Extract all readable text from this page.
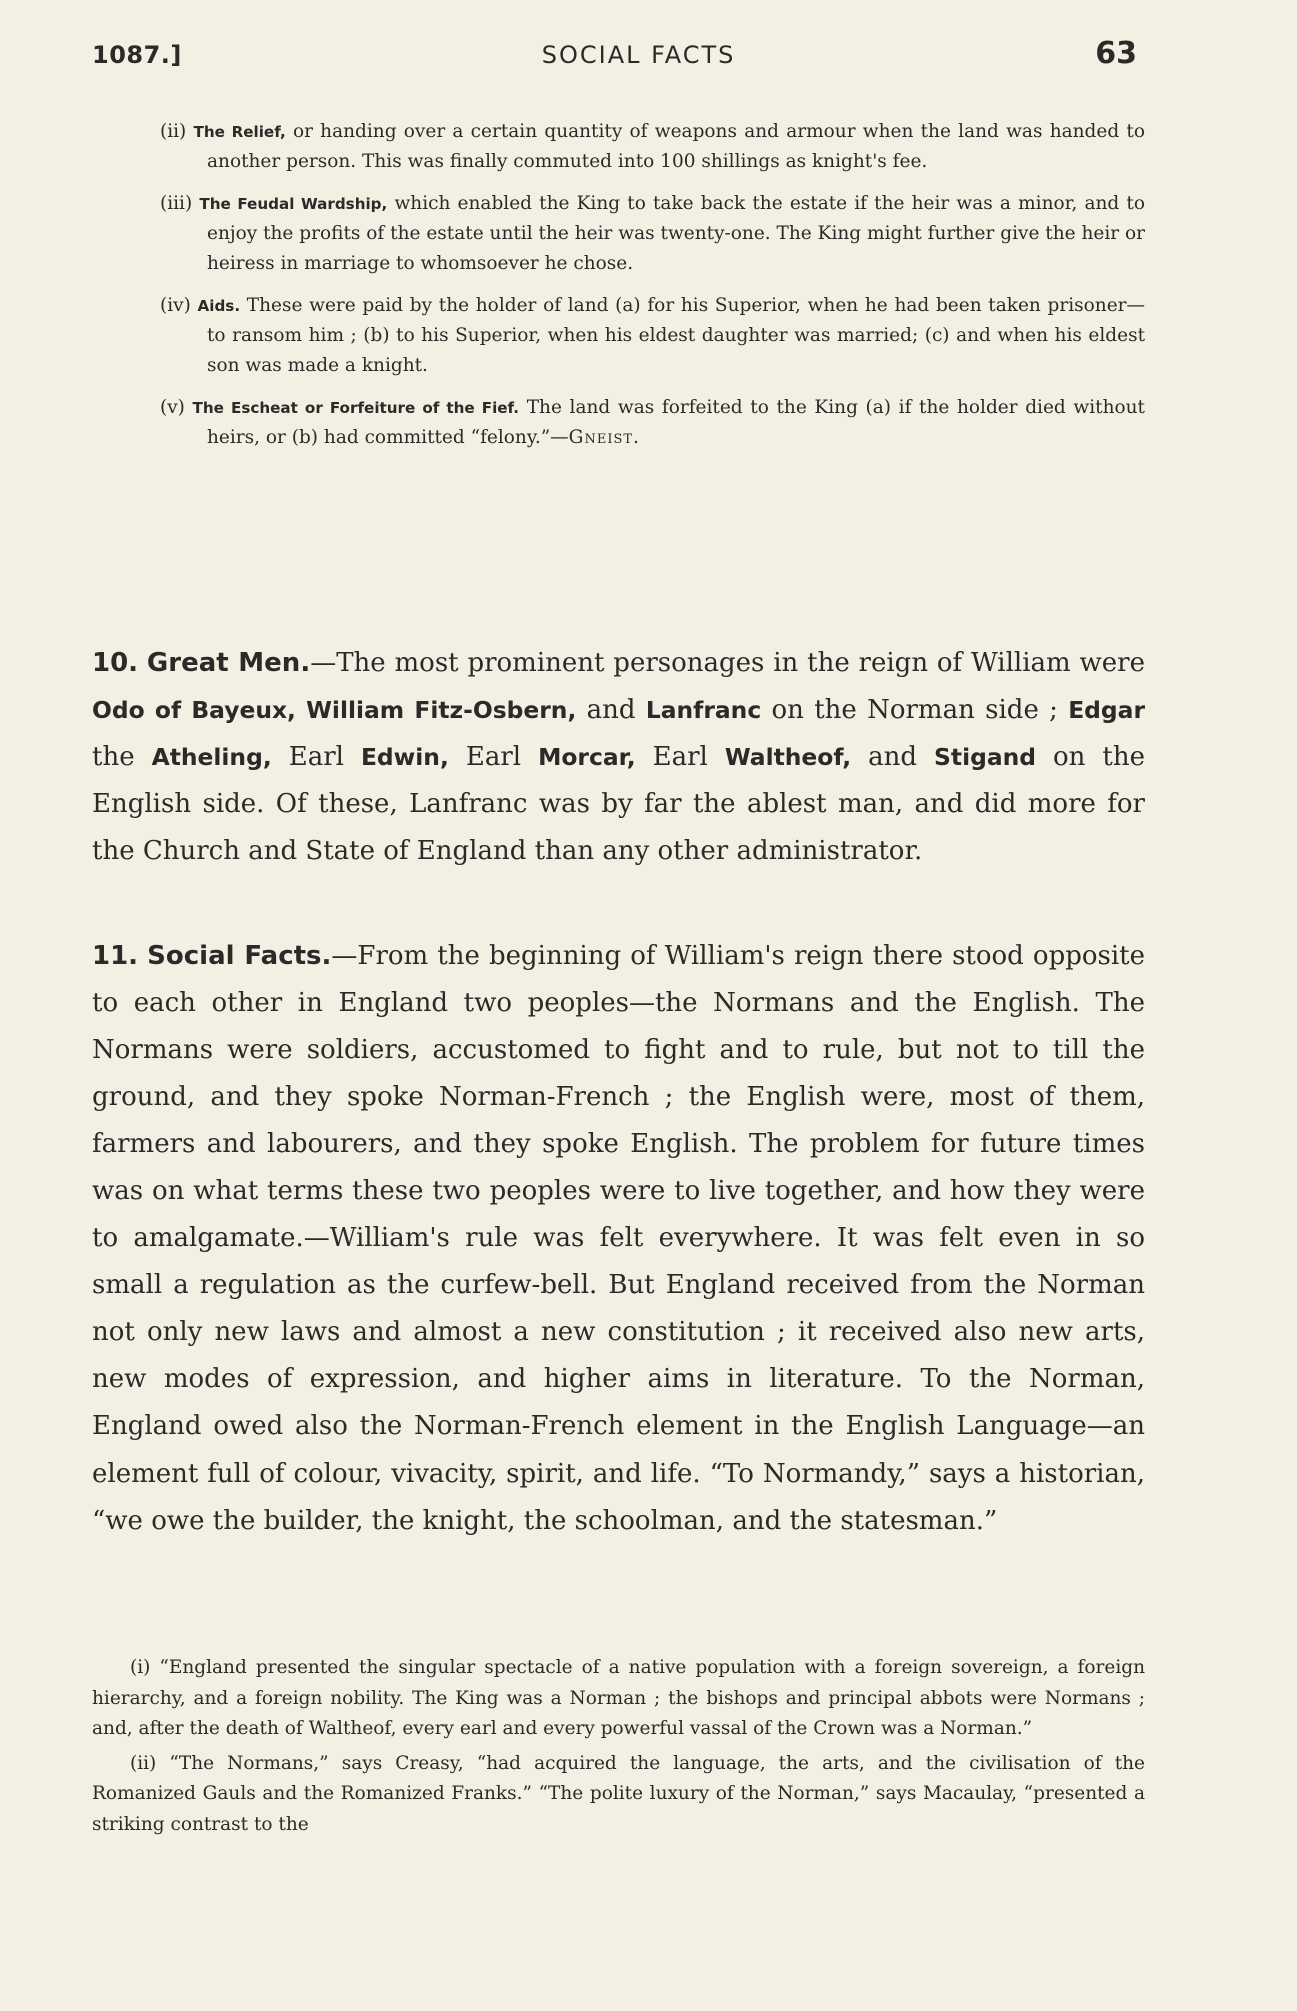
1087.]	SOCIAL FACTS	63

(ii) The Relief, or handing over a certain quantity of weapons and armour when the land was handed to another person. This was finally commuted into 100 shillings as knight's fee.

(iii) The Feudal Wardship, which enabled the King to take back the estate if the heir was a minor, and to enjoy the profits of the estate until the heir was twenty-one. The King might further give the heir or heiress in marriage to whomsoever he chose.

(iv) Aids. These were paid by the holder of land (a) for his Superior, when he had been taken prisoner—to ransom him ; (b) to his Superior, when his eldest daughter was married; (c) and when his eldest son was made a knight.

(v) The Escheat or Forfeiture of the Fief. The land was forfeited to the King (a) if the holder died without heirs, or (b) had committed “felony.”—Gneist.

10. Great Men.—The most prominent personages in the reign of William were Odo of Bayeux, William Fitz-Osbern, and Lanfranc on the Norman side ; Edgar the Atheling, Earl Edwin, Earl Morcar, Earl Waltheof, and Stigand on the English side. Of these, Lanfranc was by far the ablest man, and did more for the Church and State of England than any other administrator.

11. Social Facts.—From the beginning of William's reign there stood opposite to each other in England two peoples—the Normans and the English. The Normans were soldiers, accustomed to fight and to rule, but not to till the ground, and they spoke Norman-French ; the English were, most of them, farmers and labourers, and they spoke English. The problem for future times was on what terms these two peoples were to live together, and how they were to amalgamate.—William's rule was felt everywhere. It was felt even in so small a regulation as the curfew-bell. But England received from the Norman not only new laws and almost a new constitution ; it received also new arts, new modes of expression, and higher aims in literature. To the Norman, England owed also the Norman-French element in the English Language—an element full of colour, vivacity, spirit, and life. “To Normandy,” says a historian, “we owe the builder, the knight, the schoolman, and the statesman.”

(i) “England presented the singular spectacle of a native population with a foreign sovereign, a foreign hierarchy, and a foreign nobility. The King was a Norman ; the bishops and principal abbots were Normans ; and, after the death of Waltheof, every earl and every powerful vassal of the Crown was a Norman.”

(ii) “The Normans,” says Creasy, “had acquired the language, the arts, and the civilisation of the Romanized Gauls and the Romanized Franks.” “The polite luxury of the Norman,” says Macaulay, “presented a striking contrast to the
